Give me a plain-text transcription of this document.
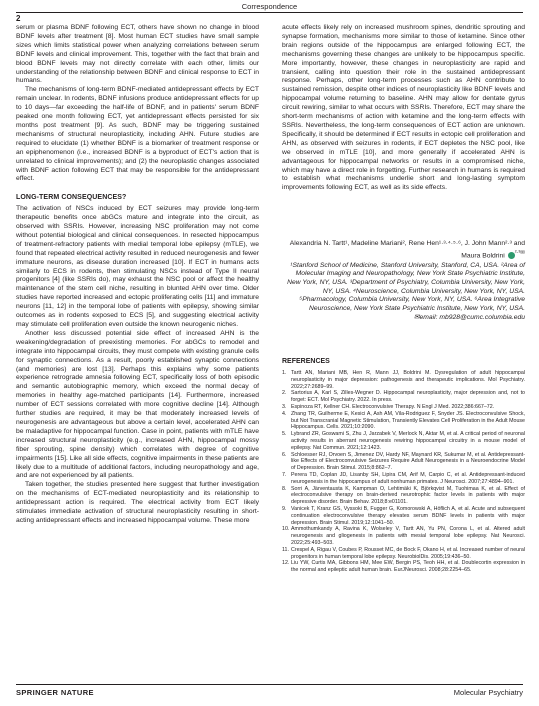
Correspondence
2

serum or plasma BDNF following ECT, others have shown no change in blood BDNF levels after treatment [8]. Most human ECT studies have small sample sizes which limits statistical power when analyzing correlations between serum BDNF levels and clinical improvement. This, together with the fact that brain and blood BDNF levels may not directly correlate with each other, limits our understanding of the relationship between BDNF and clinical response to ECT in humans.

The mechanisms of long-term BDNF-mediated antidepressant effects by ECT remain unclear. In rodents, BDNF infusions produce antidepressant effects for up to 10 days—far exceeding the half-life of BDNF, and in patients' serum BDNF peaked one month following ECT, yet antidepressant effects persisted for six months post treatment [9]. As such, BDNF may be triggering sustained mechanisms of structural neuroplasticity, including AHN. Future studies are required to elucidate (1) whether BDNF is a biomarker of treatment response or an epiphenomenon (i.e., increased BDNF is a byproduct of ECT's action that is unrelated to clinical improvements); and (2) the neuroplastic changes associated with BDNF action following ECT that may be responsible for the antidepressant effect.

LONG-TERM CONSEQUENCES?

The activation of NSCs induced by ECT seizures may provide long-term therapeutic benefits once abGCs mature and integrate into the circuit, as observed with SSRIs. However, increasing NSC proliferation may not come without potential biological and clinical consequences. In resected hippocampus of treatment-refractory patients with medial temporal lobe epilepsy (mTLE), we found that repeated electrical activity resulted in reduced neurogenesis and fewer immature neurons, as disease duration increased [10]. If ECT in humans acts similarly to ECS in rodents, then stimulating NSCs instead of Type II neural progenitors [4] (like SSRIs do), may exhaust the NSC pool or affect the healthy maintenance of the stem cell niche, resulting in blunted AHN over time. Older studies have reported increased and ectopic proliferating cells [11] and immature neurons [11, 12] in the temporal lobe of patients with epilepsy, showing similar outcomes as in rodents exposed to ECS [5], and suggesting electrical activity may stimulate cell proliferation even outside the known neurogenic niches.

Another less discussed potential side effect of increased AHN is the weakening/degradation of preexisting memories. For abGCs to remodel and integrate into hippocampal circuits, they must compete with existing granule cells for synaptic connections. As a result, poorly established synaptic connections (and memories) are lost [13]. Perhaps this explains why some patients experience retrograde amnesia following ECT, specifically loss of both episodic and semantic autobiographic memory, which exceed the normal decay of memories in healthy age-matched participants [14]. Furthermore, increased number of ECT sessions correlated with more cognitive decline [14]. Although further studies are required, it may be that moderately increased levels of neurogenesis are advantageous but above a certain level, accelerated AHN can be maladaptive for hippocampal function. Case in point, patients with mTLE have increased structural neuroplasticity (e.g., increased AHN, hippocampal mossy fiber sprouting, spine density) which correlates with degree of cognitive impairments [15]. Like all side effects, cognitive impairments in these patients are likely due to a multitude of additional factors, including neuropathology and age, and are not experienced by all patients.

Taken together, the studies presented here suggest that further investigation on the mechanisms of ECT-mediated neuroplasticity and its relationship to antidepressant action is required. The electrical activity from ECT likely stimulates immediate activation of structural neuroplasticity resulting in short-acting antidepressant effects and increased hippocampal volume. These more

acute effects likely rely on increased mushroom spines, dendritic sprouting and synapse formation, mechanisms more similar to those of ketamine. Since other brain regions outside of the hippocampus are enlarged following ECT, the mechanisms governing these changes are unlikely to be hippocampus specific. More importantly, however, these changes in neuroplasticity are rapid and transient, calling into question their role in the sustained antidepressant response. Perhaps, other long-term processes such as AHN contribute to sustained remission, despite other indices of neuroplasticity like BDNF levels and hippocampal volume returning to baseline. AHN may allow for dentate gyrus circuit rewiring, similar to what occurs with SSRIs. Therefore, ECT may share the short-term mechanisms of action with ketamine and the long-term effects with SSRIs. Nevertheless, the long-term consequences of ECT action are unknown. Specifically, it should be determined if ECT results in ectopic cell proliferation and AHN, as observed with seizures in rodents, if ECT depletes the NSC pool, like we observed in mTLE [10], and more generally if accelerated AHN is advantageous for hippocampal networks or results in a compromised niche, which may have a direct role in forgetting. Further research in humans is required to establish what mechanisms underlie short and long-lasting symptom improvements following ECT, as well as its side effects.

Alexandria N. Tartt¹, Madeline Mariani², Rene Hen¹·³·⁴·⁵·⁶, J. John Mann²·³ and Maura Boldrini $^{^2\cdot^3✉}$
¹Stanford School of Medicine, Stanford University, Stanford, CA, USA. ²Area of Molecular Imaging and Neuropathology, New York State Psychiatric Institute, New York, NY, USA. ³Department of Psychiatry, Columbia University, New York, NY, USA. ⁴Neuroscience, Columbia University, New York, NY, USA. ⁵Pharmacology, Columbia University, New York, NY, USA. ⁶Area Integrative Neuroscience, New York State Psychiatric Institute, New York, NY, USA.
✉email: mb928@cumc.columbia.edu
REFERENCES
1. Tartt AN, Mariani MB, Hen R, Mann JJ, Boldrini M. Dysregulation of adult hippocampal neuroplasticity in major depression: pathogenesis and therapeutic implications. Mol Psychiatry. 2022;27:2689–99.
2. Sartorius A, Karl S, Zilles-Wegner D. Hippocampal neuroplasticity, major depression and, not to forget: ECT. Mol Psychiatry. 2022. In press.
3. Espinoza RT, Kellner CH. Electroconvulsive Therapy. N Engl J Med. 2022;386:667–72.
4. Zhang TR, Guilherme E, Kesici A, Ash AM, Vila-Rodriguez F, Snyder JS. Electroconvulsive Shock, but Not Transcranial Magnetic Stimulation, Transiently Elevates Cell Proliferation in the Adult Mouse Hippocampus. Cells. 2021;10:2090.
5. Lybrand ZR, Goswami S, Zhu J, Jarzabek V, Merlock N, Aktar M, et al. A critical period of neuronal activity results in aberrant neurogenesis rewiring hippocampal circuitry in a mouse model of epilepsy. Nat Commun. 2021;12:1423.
6. Schloesser RJ, Orvoen S, Jimenez DV, Hardy NF, Maynard KR, Sukumar M, et al. Antidepressant-like Effects of Electroconvulsive Seizures Require Adult Neurogenesis in a Neuroendocrine Model of Depression. Brain Stimul. 2015;8:862–7.
7. Perera TD, Coplan JD, Lisanby SH, Lipira CM, Arif M, Carpio C, et al. Antidepressant-induced neurogenesis in the hippocampus of adult nonhuman primates. J Neurosci. 2007;27:4894–901.
8. Sorri A, Järventausta K, Kampman O, Lehtimäki K, Björkqvist M, Tuohimaa K, et al. Effect of electroconvulsive therapy on brain-derived neurotrophic factor levels in patients with major depressive disorder. Brain Behav. 2018;8:e01101.
9. Vanicek T, Kranz GS, Vyssoki B, Fugger G, Komorowski A, Höflich A, et al. Acute and subsequent continuation electroconvulsive therapy elevates serum BDNF levels in patients with major depression. Brain Stimul. 2019;12:1041–50.
10. Ammothumkandy A, Ravina K, Wolseley V, Tartt AN, Yu PN, Corona L, et al. Altered adult neurogenesis and gliogenesis in patients with mesial temporal lobe epilepsy. Nat Neurosci. 2022;25:493–503.
11. Crespel A, Rigau V, Coubes P, Rousset MC, de Bock F, Okano H, et al. Increased number of neural progenitors in human temporal lobe epilepsy. NeurobiolDis. 2005;19:436–50.
12. Liu YW, Curtis MA, Gibbons HM, Mee EW, Bergin PS, Teoh HH, et al. Doublecortin expression in the normal and epileptic adult human brain. EurJNeurosci. 2008;28:2254–65.
SPRINGER NATURE	Molecular Psychiatry
